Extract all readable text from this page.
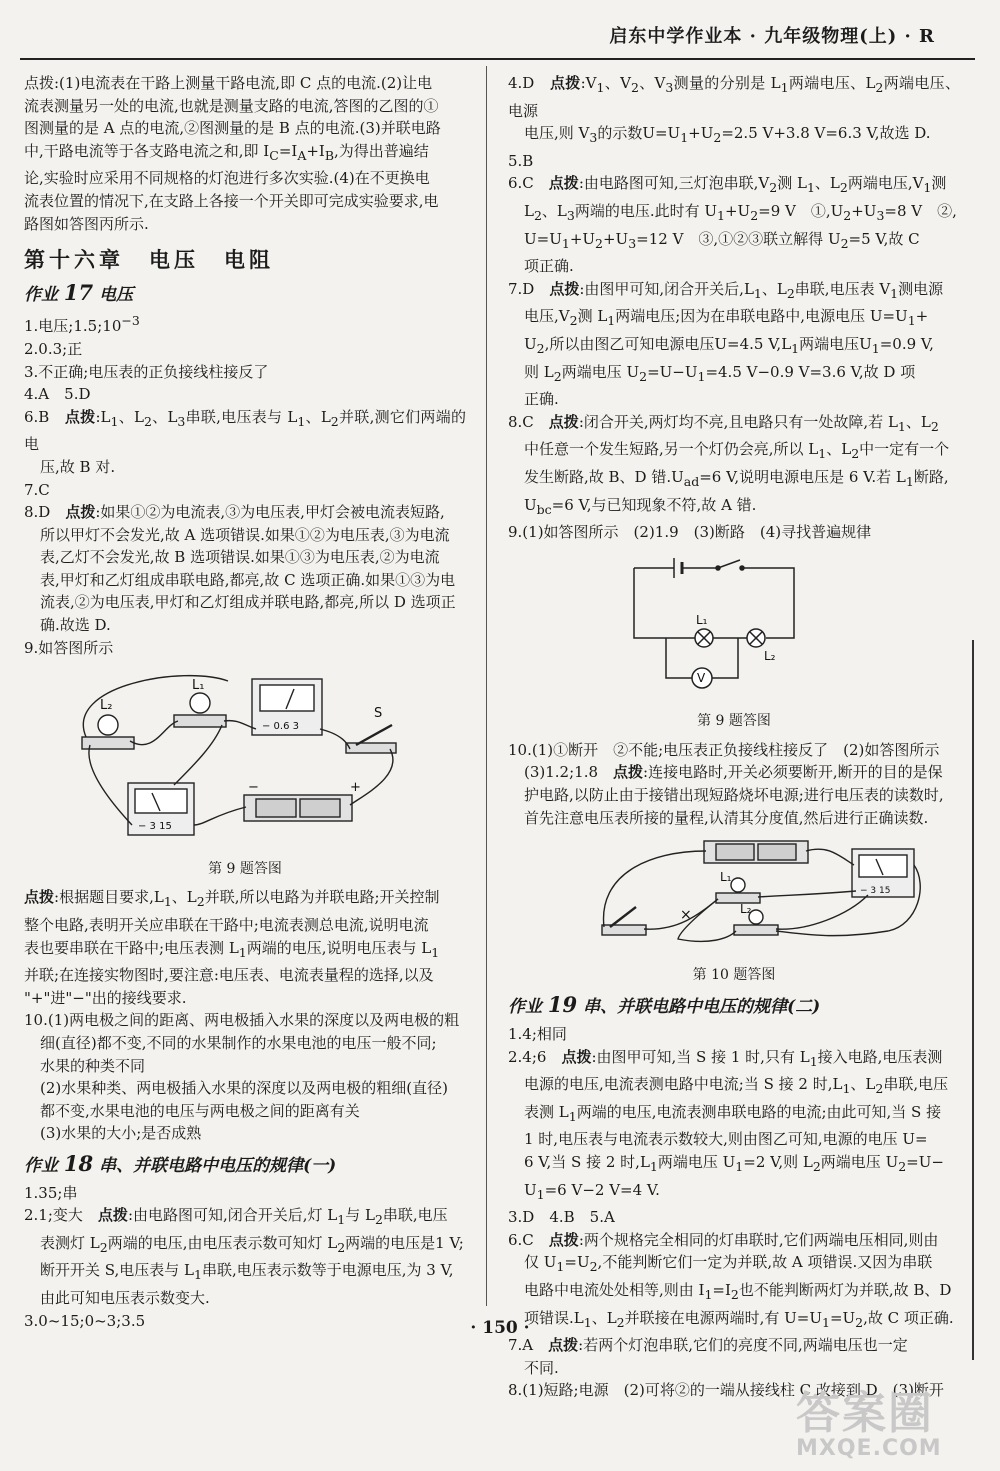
启东中学作业本 · 九年级物理(上) · R
点拨:(1)电流表在干路上测量干路电流,即 C 点的电流.(2)让电
流表测量另一处的电流,也就是测量支路的电流,答图的乙图的①
图测量的是 A 点的电流,②图测量的是 B 点的电流.(3)并联电路
中,干路电流等于各支路电流之和,即 $I_C=I_A+I_B$,为得出普遍结
论,实验时应采用不同规格的灯泡进行多次实验.(4)在不更换电
流表位置的情况下,在支路上各接一个开关即可完成实验要求,电
路图如答图丙所示.
第十六章　电压　电阻
作业 17 电压
1.电压$;1.5;10^{-3}$
2.0.3;正
3.不正确;电压表的正负接线柱接反了
4.A　5.D
6.B　点拨$:L_1$、$L_2$、$L_3$串联,电压表与 $L_1$、$L_2$并联,测它们两端的电
压,故 B 对.
7.C
8.D　点拨:如果①②为电流表,③为电压表,甲灯会被电流表短路,
所以甲灯不会发光,故 A 选项错误.如果①②为电压表,③为电流
表,乙灯不会发光,故 B 选项错误.如果①③为电压表,②为电流
表,甲灯和乙灯组成串联电路,都亮,故 C 选项正确.如果①③为电
流表,②为电压表,甲灯和乙灯组成并联电路,都亮,所以 D 选项正
确.故选 D.
9.如答图所示
L₂
L₁
S
−	+
− 0.6 3
− 3 15
第 9 题答图
点拨:根据题目要求$,L_1$、$L_2$并联,所以电路为并联电路;开关控制
整个电路,表明开关应串联在干路中;电流表测总电流,说明电流
表也要串联在干路中;电压表测 $L_1$两端的电压,说明电压表与 $L_1$
并联;在连接实物图时,要注意:电压表、电流表量程的选择,以及
"+"进"−"出的接线要求.
10.(1)两电极之间的距离、两电极插入水果的深度以及两电极的粗
细(直径)都不变,不同的水果制作的水果电池的电压一般不同;
水果的种类不同
(2)水果种类、两电极插入水果的深度以及两电极的粗细(直径)
都不变,水果电池的电压与两电极之间的距离有关
(3)水果的大小;是否成熟
作业 18 串、并联电路中电压的规律(一)
1.35;串
2.1;变大　点拨:由电路图可知,闭合开关后,灯 $L_1$与 $L_2$串联,电压
表测灯 $L_2$两端的电压,由电压表示数可知灯 $L_2$两端的电压是1 V;
断开开关 S,电压表与 $L_1$串联,电压表示数等于电源电压,为 3 V,
由此可知电压表示数变大.
3.0~15;0~3;3.5
4.D　点拨$:V_1$、$V_2$、$V_3$测量的分别是 $L_1$两端电压、$L_2$两端电压、电源
电压,则 $V_3$的示数$U=U_1+U_2=2.5$ V+3.8 V=6.3 V,故选 D.
5.B
6.C　点拨:由电路图可知,三灯泡串联$,V_2$测 $L_1$、$L_2$两端电压$,V_1$测
$L_2$、$L_3$两端的电压.此时有 $U_1+U_2=9$ V　$①,U_2+U_3=8$ V　②,
$U=U_1+U_2+U_3=12$ V　③,①②③联立解得 $U_2=5$ V,故 C
项正确.
7.D　点拨:由图甲可知,闭合开关后$,L_1$、$L_2$串联,电压表 $V_1$测电源
电压$,V_2$测 $L_1$两端电压;因为在串联电路中,电源电压 $U=U_1+$
$U_2$,所以由图乙可知电源电压U=4.5 $V,L_1$两端电压$U_1=0.9$ V,
则 $L_2$两端电压 $U_2=U-U_1=4.5$ V−0.9 V=3.6 V,故 D 项
正确.
8.C　点拨:闭合开关,两灯均不亮,且电路只有一处故障,若 $L_1$、$L_2$
中任意一个发生短路,另一个灯仍会亮,所以 $L_1$、$L_2$中一定有一个
发生断路,故 B、D 错$.U_{ad}=6$ V,说明电源电压是 6 V.若 $L_1$断路,
$U_{bc}=6$ V,与已知现象不符,故 A 错.
9.(1)如答图所示　(2)1.9　(3)断路　(4)寻找普遍规律
L₁
L₂
V
第 9 题答图
10.(1)①断开　②不能;电压表正负接线柱接反了　(2)如答图所示
(3)1.2;1.8　点拨:连接电路时,开关必须要断开,断开的目的是保
护电路,以防止由于接错出现短路烧坏电源;进行电压表的读数时,
首先注意电压表所接的量程,认清其分度值,然后进行正确读数.
L₁
L₂
− 3 15
×
第 10 题答图
作业 19 串、并联电路中电压的规律(二)
1.4;相同
2.4;6　点拨:由图甲可知,当 S 接 1 时,只有 $L_1$接入电路,电压表测
电源的电压,电流表测电路中电流;当 S 接 2 时$,L_1$、$L_2$串联,电压
表测 $L_1$两端的电压,电流表测串联电路的电流;由此可知,当 S 接
1 时,电压表与电流表示数较大,则由图乙可知,电源的电压 U=
6 V,当 S 接 2 时$,L_1$两端电压 $U_1=2$ V,则 $L_2$两端电压 $U_2=U-$
$U_1=6$ V−2 V=4 V.
3.D　4.B　5.A
6.C　点拨:两个规格完全相同的灯串联时,它们两端电压相同,则由
仅 $U_1=U_2$,不能判断它们一定为并联,故 A 项错误.又因为串联
电路中电流处处相等,则由 $I_1=I_2$也不能判断两灯为并联,故 B、D
项错误$.L_1$、$L_2$并联接在电源两端时,有 $U=U_1=U_2$,故 C 项正确.
7.A　点拨:若两个灯泡串联,它们的亮度不同,两端电压也一定
不同.
8.(1)短路;电源　(2)可将②的一端从接线柱 C 改接到 D　(3)断开
· 150 ·
答案圈
MXQE.COM
